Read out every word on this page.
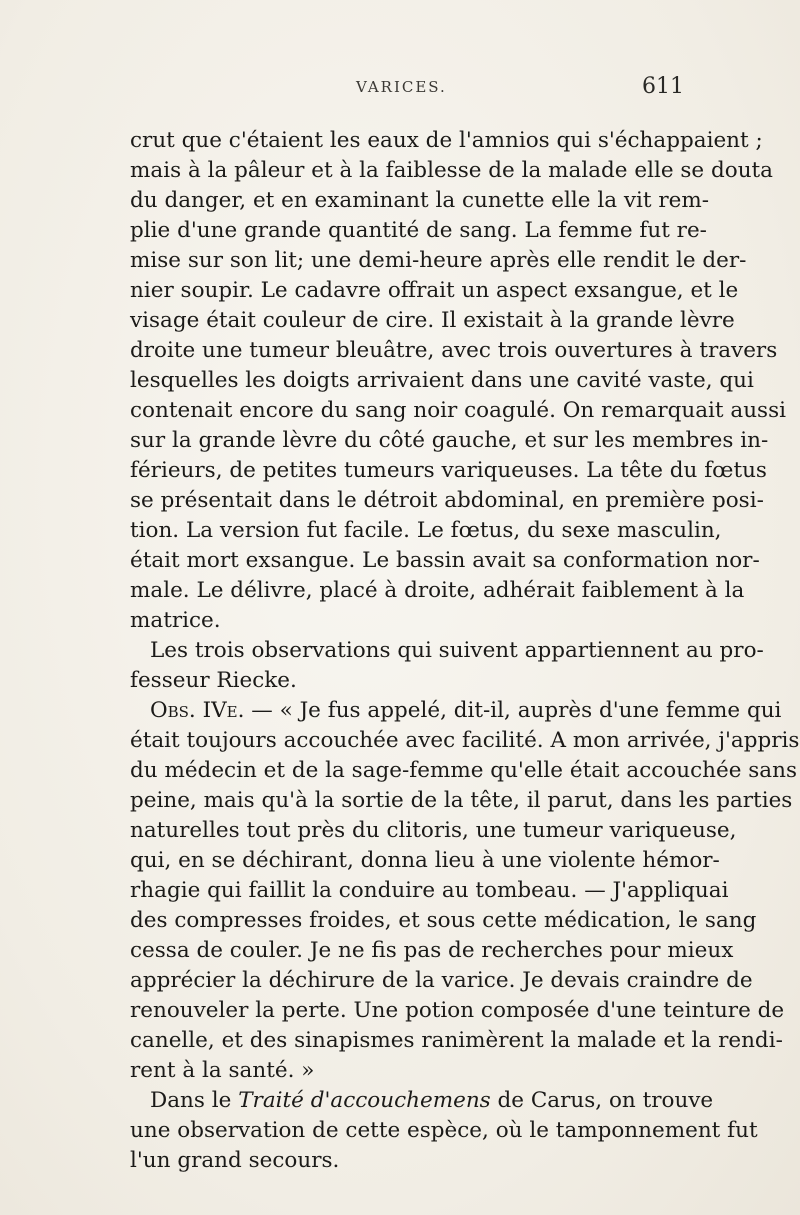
VARICES.	611
crut que c'étaient les eaux de l'amnios qui s'échappaient ;
mais à la pâleur et à la faiblesse de la malade elle se douta
du danger, et en examinant la cunette elle la vit rem-
plie d'une grande quantité de sang. La femme fut re-
mise sur son lit; une demi-heure après elle rendit le der-
nier soupir. Le cadavre offrait un aspect exsangue, et le
visage était couleur de cire. Il existait à la grande lèvre
droite une tumeur bleuâtre, avec trois ouvertures à travers
lesquelles les doigts arrivaient dans une cavité vaste, qui
contenait encore du sang noir coagulé. On remarquait aussi
sur la grande lèvre du côté gauche, et sur les membres in-
férieurs, de petites tumeurs variqueuses. La tête du fœtus
se présentait dans le détroit abdominal, en première posi-
tion. La version fut facile. Le fœtus, du sexe masculin,
était mort exsangue. Le bassin avait sa conformation nor-
male. Le délivre, placé à droite, adhérait faiblement à la
matrice.
Les trois observations qui suivent appartiennent au pro-
fesseur Riecke.
Obs. IVe. — « Je fus appelé, dit-il, auprès d'une femme qui
était toujours accouchée avec facilité. A mon arrivée, j'appris
du médecin et de la sage-femme qu'elle était accouchée sans
peine, mais qu'à la sortie de la tête, il parut, dans les parties
naturelles tout près du clitoris, une tumeur variqueuse,
qui, en se déchirant, donna lieu à une violente hémor-
rhagie qui faillit la conduire au tombeau. — J'appliquai
des compresses froides, et sous cette médication, le sang
cessa de couler. Je ne fis pas de recherches pour mieux
apprécier la déchirure de la varice. Je devais craindre de
renouveler la perte. Une potion composée d'une teinture de
canelle, et des sinapismes ranimèrent la malade et la rendi-
rent à la santé. »
Dans le Traité d'accouchemens de Carus, on trouve
une observation de cette espèce, où le tamponnement fut
l'un grand secours.
